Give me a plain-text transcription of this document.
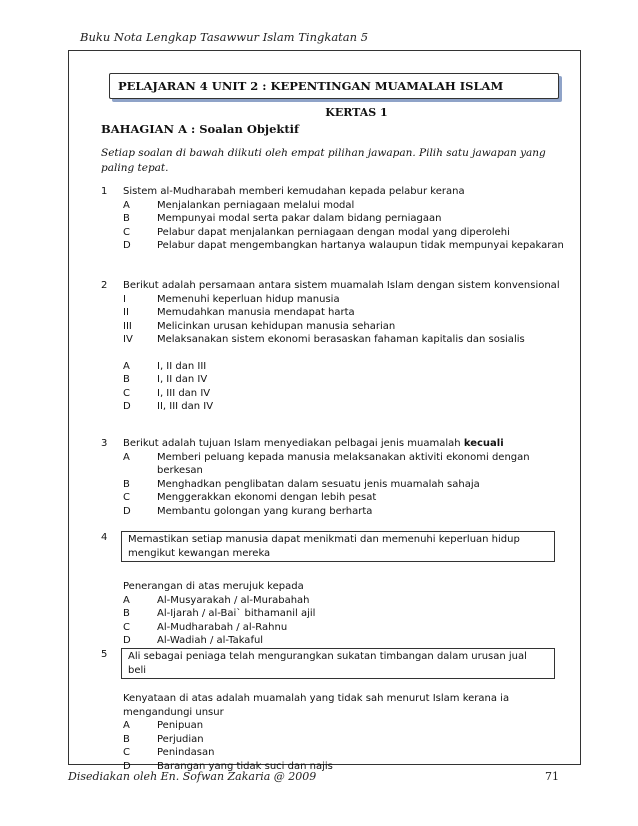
Buku Nota Lengkap Tasawwur Islam Tingkatan 5
PELAJARAN 4 UNIT 2 : KEPENTINGAN MUAMALAH ISLAM
KERTAS 1
BAHAGIAN A : Soalan Objektif
Setiap soalan di bawah diikuti oleh empat pilihan jawapan. Pilih satu jawapan yang paling tepat.
1	Sistem al-Mudharabah memberi kemudahan kepada pelabur kerana
A	Menjalankan perniagaan melalui modal
B	Mempunyai modal serta pakar dalam bidang perniagaan
C	Pelabur dapat menjalankan perniagaan dengan modal yang diperolehi
D	Pelabur dapat mengembangkan hartanya walaupun tidak mempunyai kepakaran
2	Berikut adalah persamaan antara sistem muamalah Islam dengan sistem konvensional
I	Memenuhi keperluan hidup manusia
II	Memudahkan manusia mendapat harta
III	Melicinkan urusan kehidupan manusia seharian
IV	Melaksanakan sistem ekonomi berasaskan fahaman kapitalis dan sosialis
A	I, II dan III
B	I, II dan IV
C	I, III dan IV
D	II, III dan IV
3	Berikut adalah tujuan Islam menyediakan pelbagai jenis muamalah kecuali
A	Memberi peluang kepada manusia melaksanakan aktiviti ekonomi dengan berkesan
B	Menghadkan penglibatan dalam sesuatu jenis muamalah sahaja
C	Menggerakkan ekonomi dengan lebih pesat
D	Membantu golongan yang kurang berharta
4	Memastikan setiap manusia dapat menikmati dan memenuhi keperluan hidup mengikut kewangan mereka
Penerangan di atas merujuk kepada
A	Al-Musyarakah / al-Murabahah
B	Al-Ijarah / al-Bai` bithamanil ajil
C	Al-Mudharabah / al-Rahnu
D	Al-Wadiah / al-Takaful
5	Ali sebagai peniaga telah mengurangkan sukatan timbangan dalam urusan jual beli
Kenyataan di atas adalah muamalah yang tidak sah menurut Islam kerana ia mengandungi unsur
A	Penipuan
B	Perjudian
C	Penindasan
D	Barangan yang tidak suci dan najis
Disediakan oleh En. Sofwan Zakaria @ 2009	71
